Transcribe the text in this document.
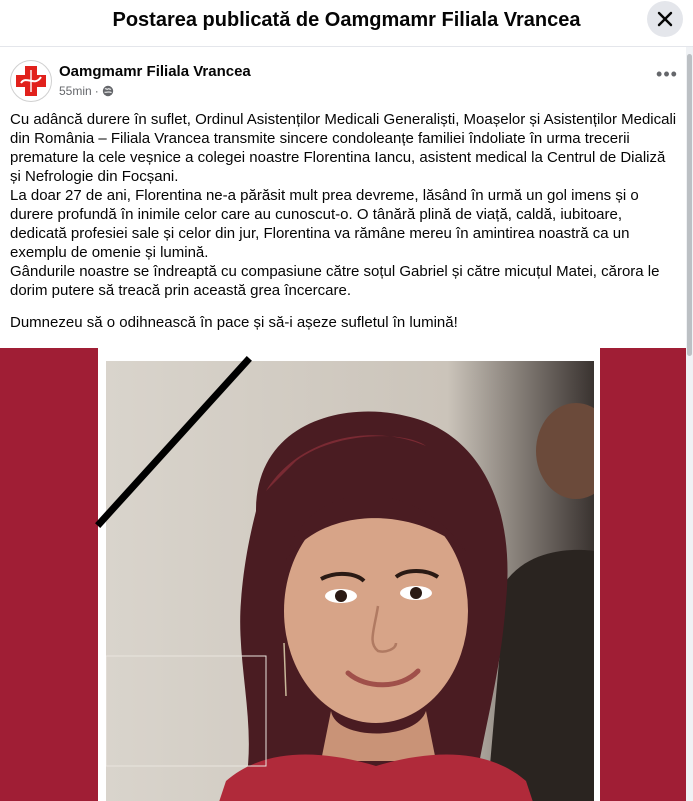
Postarea publicată de Oamgmamr Filiala Vrancea
Oamgmamr Filiala Vrancea
55min ·
•••

Cu adâncă durere în suflet, Ordinul Asistenților Medicali Generaliști, Moașelor și Asistenților Medicali din România – Filiala Vrancea transmite sincere condoleanțe familiei îndoliate în urma trecerii premature la cele veșnice a colegei noastre Florentina Iancu, asistent medical la Centrul de Dializă și Nefrologie din Focșani.

La doar 27 de ani, Florentina ne-a părăsit mult prea devreme, lăsând în urmă un gol imens și o durere profundă în inimile celor care au cunoscut-o. O tânără plină de viață, caldă, iubitoare, dedicată profesiei sale și celor din jur, Florentina va rămâne mereu în amintirea noastră ca un exemplu de omenie și lumină.

Gândurile noastre se îndreaptă cu compasiune către soțul Gabriel și către micuțul Matei, cărora le dorim putere să treacă prin această grea încercare.

Dumnezeu să o odihnească în pace și să-i așeze sufletul în lumină!
